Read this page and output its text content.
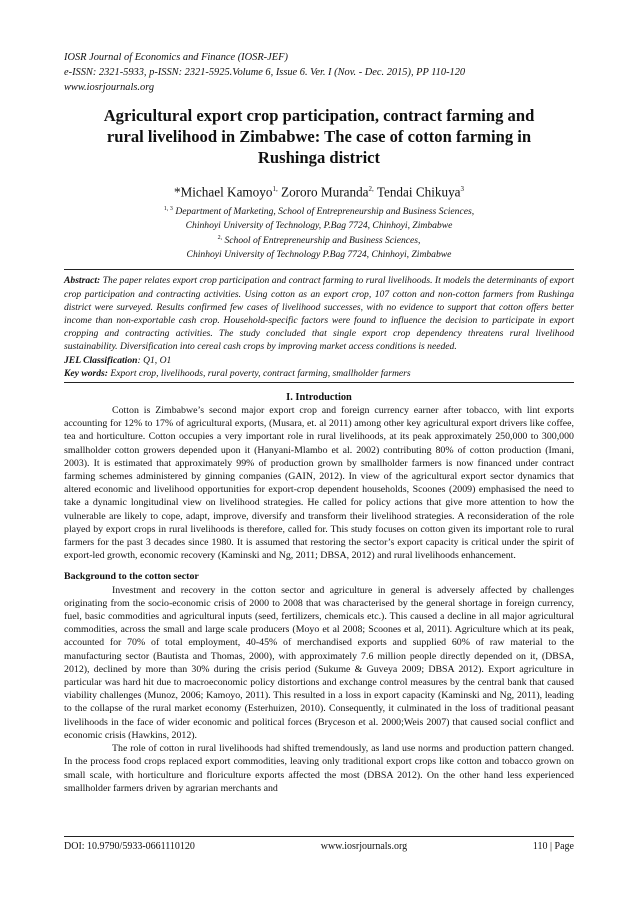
IOSR Journal of Economics and Finance (IOSR-JEF)
e-ISSN: 2321-5933, p-ISSN: 2321-5925.Volume 6, Issue 6. Ver. I (Nov. - Dec. 2015), PP 110-120
www.iosrjournals.org
Agricultural export crop participation, contract farming and rural livelihood in Zimbabwe: The case of cotton farming in Rushinga district
*Michael Kamoyo$^{1,}$ Zororo Muranda$^{2,}$ Tendai Chikuya$^3$
$^{1, 3}$ Department of Marketing, School of Entrepreneurship and Business Sciences,
Chinhoyi University of Technology, P.Bag 7724, Chinhoyi, Zimbabwe
$^{2,}$ School of Entrepreneurship and Business Sciences,
Chinhoyi University of Technology P.Bag 7724, Chinhoyi, Zimbabwe
Abstract: The paper relates export crop participation and contract farming to rural livelihoods. It models the determinants of export crop participation and contracting activities. Using cotton as an export crop, 107 cotton and non-cotton farmers from Rushinga district were surveyed. Results confirmed few cases of livelihood successes, with no evidence to support that cotton offers better income than non-exportable cash crop. Household-specific factors were found to influence the decision to participate in export cropping and contracting activities. The study concluded that single export crop dependency threatens rural livelihood sustainability. Diversification into cereal cash crops by improving market access conditions is needed.
JEL Classification: Q1, O1
Key words: Export crop, livelihoods, rural poverty, contract farming, smallholder farmers
I. Introduction
Cotton is Zimbabwe’s second major export crop and foreign currency earner after tobacco, with lint exports accounting for 12% to 17% of agricultural exports, (Musara, et. al 2011) among other key agricultural export drivers like coffee, tea and horticulture. Cotton occupies a very important role in rural livelihoods, at its peak approximately 250,000 to 300,000 smallholder cotton growers depended upon it (Hanyani-Mlambo et al. 2002) contributing 80% of cotton production (Imani, 2003). It is estimated that approximately 99% of production grown by smallholder farmers is now financed under contract farming schemes administered by ginning companies (GAIN, 2012). In view of the agricultural export sector dynamics that altered economic and livelihood opportunities for export-crop dependent households, Scoones (2009) emphasised the need to take a dynamic longitudinal view on livelihood strategies. He called for policy actions that give more attention to how the vulnerable are likely to cope, adapt, improve, diversify and transform their livelihood strategies. A reconsideration of the role played by export crops in rural livelihoods is therefore, called for. This study focuses on cotton given its important role to rural farmers for the past 3 decades since 1980. It is assumed that restoring the sector’s export capacity is critical under the spirit of export-led growth, economic recovery (Kaminski and Ng, 2011; DBSA, 2012) and rural livelihoods enhancement.
Background to the cotton sector
Investment and recovery in the cotton sector and agriculture in general is adversely affected by challenges originating from the socio-economic crisis of 2000 to 2008 that was characterised by the general shortage in foreign currency, fuel, basic commodities and agricultural inputs (seed, fertilizers, chemicals etc.). This caused a decline in all major agricultural commodities, across the small and large scale producers (Moyo et al 2008; Scoones et al, 2011). Agriculture which at its peak, accounted for 70% of total employment, 40-45% of merchandised exports and supplied 60% of raw material to the manufacturing sector (Bautista and Thomas, 2000), with approximately 7.6 million people directly depended on it, (DBSA, 2012), declined by more than 30% during the crisis period (Sukume & Guveya 2009; DBSA 2012). Export agriculture in particular was hard hit due to macroeconomic policy distortions and exchange control measures by the central bank that caused viability challenges (Munoz, 2006; Kamoyo, 2011). This resulted in a loss in export capacity (Kaminski and Ng, 2011), leading to the collapse of the rural market economy (Esterhuizen, 2010). Consequently, it culminated in the loss of traditional peasant livelihoods in the face of wider economic and political forces (Bryceson et al. 2000;Weis 2007) that caused social conflict and economic crisis (Hawkins, 2012).
The role of cotton in rural livelihoods had shifted tremendously, as land use norms and production pattern changed. In the process food crops replaced export commodities, leaving only traditional export crops like cotton and tobacco grown on small scale, with horticulture and floriculture exports affected the most (DBSA 2012). On the other hand less experienced smallholder farmers driven by agrarian merchants and
DOI: 10.9790/5933-0661110120	www.iosrjournals.org	110 | Page
